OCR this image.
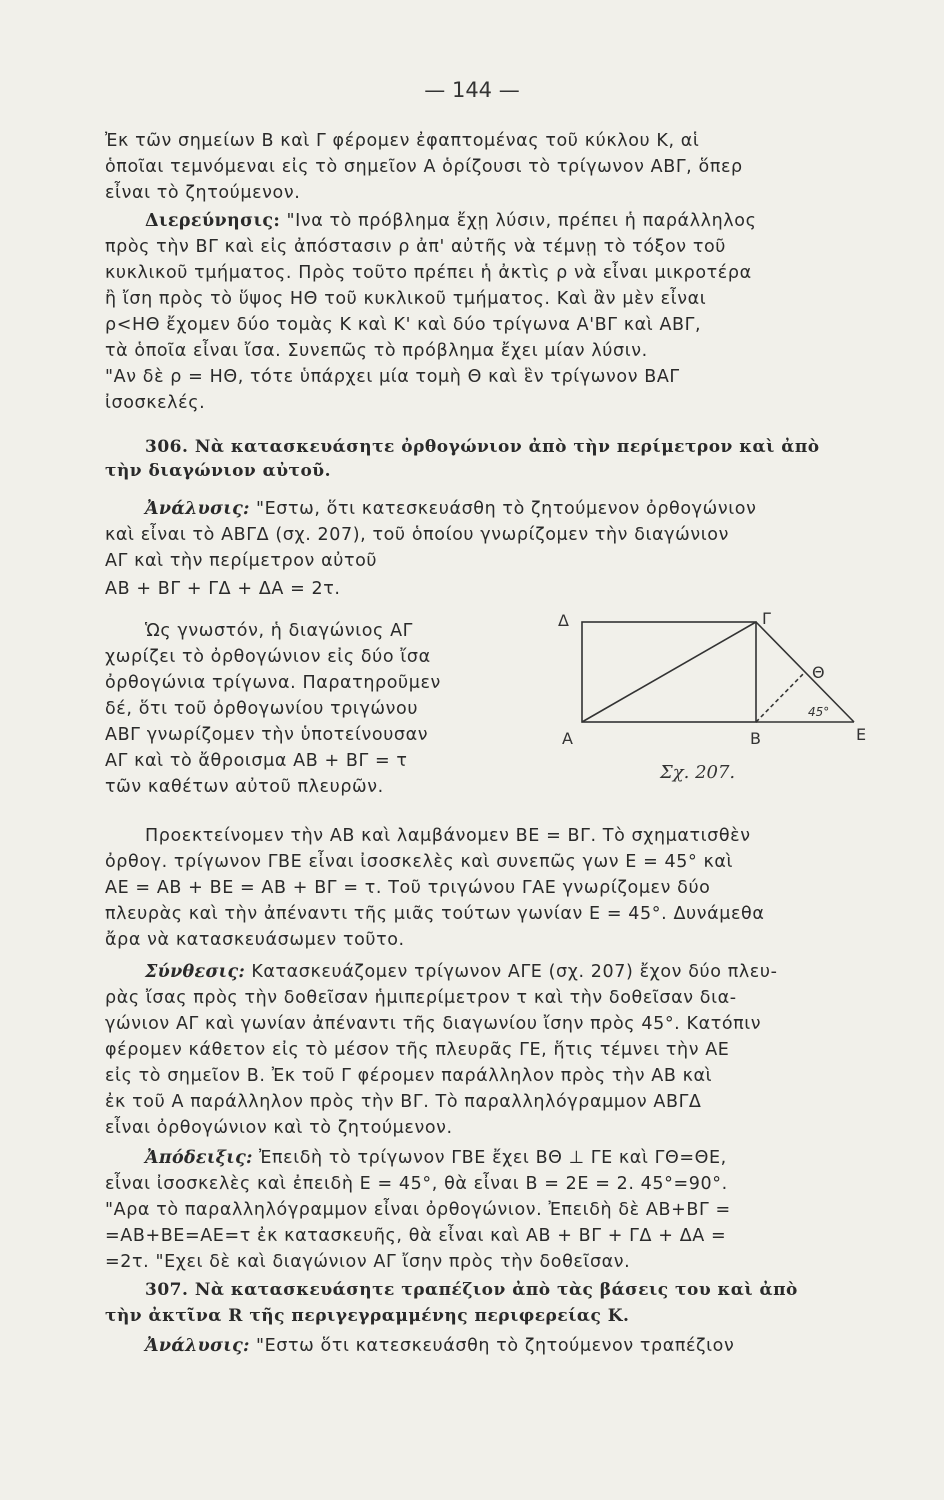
— 144 —
Ἐκ τῶν σημείων Β καὶ Γ φέρομεν ἐφαπτομένας τοῦ κύκλου Κ, αἱ
ὁποῖαι τεμνόμεναι εἰς τὸ σημεῖον Α ὁρίζουσι τὸ τρίγωνον ΑΒΓ, ὅπερ
εἶναι τὸ ζητούμενον.
Διερεύνησις: "Ινα τὸ πρόβλημα ἔχῃ λύσιν, πρέπει ἡ παράλληλος
πρὸς τὴν ΒΓ καὶ εἰς ἀπόστασιν ρ ἀπ' αὐτῆς νὰ τέμνῃ τὸ τόξον τοῦ
κυκλικοῦ τμήματος. Πρὸς τοῦτο πρέπει ἡ ἀκτὶς ρ νὰ εἶναι μικροτέρα
ἢ ἴση πρὸς τὸ ὕψος ΗΘ τοῦ κυκλικοῦ τμήματος. Καὶ ἂν μὲν εἶναι
ρ<ΗΘ ἔχομεν δύο τομὰς Κ καὶ Κ' καὶ δύο τρίγωνα Α'ΒΓ καὶ ΑΒΓ,
τὰ ὁποῖα εἶναι ἴσα. Συνεπῶς τὸ πρόβλημα ἔχει μίαν λύσιν.
"Αν δὲ ρ = ΗΘ, τότε ὑπάρχει μία τομὴ Θ καὶ ἓν τρίγωνον ΒΑΓ
ἰσοσκελές.
306. Νὰ κατασκευάσητε ὀρθογώνιον ἀπὸ τὴν περίμετρον καὶ ἀπὸ
τὴν διαγώνιον αὐτοῦ.
Ἀνάλυσις: "Εστω, ὅτι κατεσκευάσθη τὸ ζητούμενον ὀρθογώνιον
καὶ εἶναι τὸ ΑΒΓΔ (σχ. 207), τοῦ ὁποίου γνωρίζομεν τὴν διαγώνιον
ΑΓ καὶ τὴν περίμετρον αὐτοῦ
ΑΒ + ΒΓ + ΓΔ + ΔΑ = 2τ.
Ὡς γνωστόν, ἡ διαγώνιος ΑΓ
χωρίζει τὸ ὀρθογώνιον εἰς δύο ἴσα
ὀρθογώνια τρίγωνα. Παρατηροῦμεν
δέ, ὅτι τοῦ ὀρθογωνίου τριγώνου
ΑΒΓ γνωρίζομεν τὴν ὑποτείνουσαν
ΑΓ καὶ τὸ ἄθροισμα ΑΒ + ΒΓ = τ
τῶν καθέτων αὐτοῦ πλευρῶν.
Δ	Γ
Θ
Α	Β	Ε
45°
Σχ. 207.
Προεκτείνομεν τὴν ΑΒ καὶ λαμβάνομεν ΒΕ = ΒΓ. Τὸ σχηματισθὲν
ὀρθογ. τρίγωνον ΓΒΕ εἶναι ἰσοσκελὲς καὶ συνεπῶς γων Ε = 45° καὶ
ΑΕ = ΑΒ + ΒΕ = ΑΒ + ΒΓ = τ. Τοῦ τριγώνου ΓΑΕ γνωρίζομεν δύο
πλευρὰς καὶ τὴν ἀπέναντι τῆς μιᾶς τούτων γωνίαν Ε = 45°. Δυνάμεθα
ἄρα νὰ κατασκευάσωμεν τοῦτο.
Σύνθεσις: Κατασκευάζομεν τρίγωνον ΑΓΕ (σχ. 207) ἔχον δύο πλευ-
ρὰς ἴσας πρὸς τὴν δοθεῖσαν ἡμιπερίμετρον τ καὶ τὴν δοθεῖσαν δια-
γώνιον ΑΓ καὶ γωνίαν ἀπέναντι τῆς διαγωνίου ἴσην πρὸς 45°. Κατόπιν
φέρομεν κάθετον εἰς τὸ μέσον τῆς πλευρᾶς ΓΕ, ἥτις τέμνει τὴν ΑΕ
εἰς τὸ σημεῖον Β. Ἐκ τοῦ Γ φέρομεν παράλληλον πρὸς τὴν ΑΒ καὶ
ἐκ τοῦ Α παράλληλον πρὸς τὴν ΒΓ. Τὸ παραλληλόγραμμον ΑΒΓΔ
εἶναι ὀρθογώνιον καὶ τὸ ζητούμενον.
Ἀπόδειξις: Ἐπειδὴ τὸ τρίγωνον ΓΒΕ ἔχει ΒΘ ⊥ ΓΕ καὶ ΓΘ=ΘΕ,
εἶναι ἰσοσκελὲς καὶ ἐπειδὴ Ε = 45°, θὰ εἶναι Β = 2Ε = 2. 45°=90°.
"Αρα τὸ παραλληλόγραμμον εἶναι ὀρθογώνιον. Ἐπειδὴ δὲ ΑΒ+ΒΓ =
=ΑΒ+ΒΕ=ΑΕ=τ ἐκ κατασκευῆς, θὰ εἶναι καὶ ΑΒ + ΒΓ + ΓΔ + ΔΑ =
=2τ. "Εχει δὲ καὶ διαγώνιον ΑΓ ἴσην πρὸς τὴν δοθεῖσαν.
307. Νὰ κατασκευάσητε τραπέζιον ἀπὸ τὰς βάσεις του καὶ ἀπὸ
τὴν ἀκτῖνα R τῆς περιγεγραμμένης περιφερείας Κ.
Ἀνάλυσις: "Εστω ὅτι κατεσκευάσθη τὸ ζητούμενον τραπέζιον
